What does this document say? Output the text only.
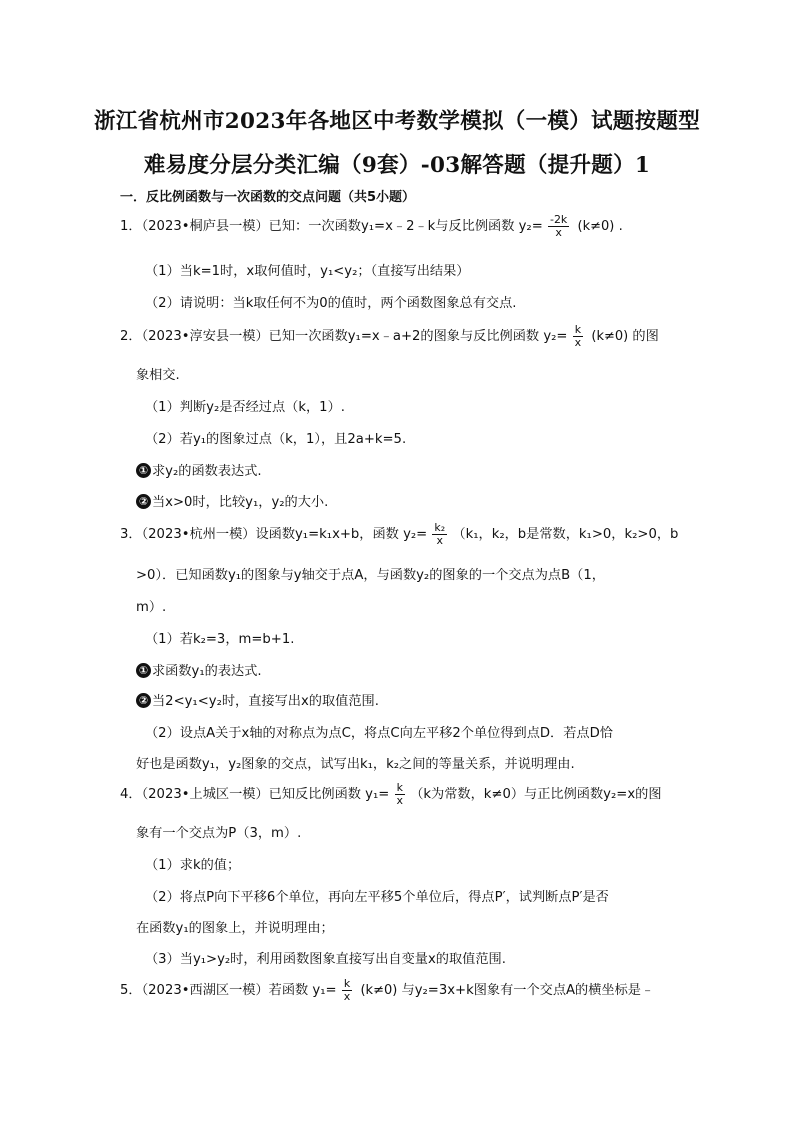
浙江省杭州市2023年各地区中考数学模拟（一模）试题按题型
难易度分层分类汇编（9套）-03解答题（提升题）1
一．反比例函数与一次函数的交点问题（共5小题）
1．（2023•桐庐县一模）已知：一次函数y₁=x﹣2﹣k与反比例函数 $y_2= \frac{-2k}{x} (k\ne 0)$ .
（1）当k=1时，x取何值时，y₁<y₂；（直接写出结果）
（2）请说明：当k取任何不为0的值时，两个函数图象总有交点.
2．（2023•淳安县一模）已知一次函数y₁=x﹣a+2的图象与反比例函数 $y_2= \frac{k}{x} (k\ne 0)$ 的图
象相交.
（1）判断y₂是否经过点（k，1）.
（2）若y₁的图象过点（k，1），且2a+k=5.
① 求y₂的函数表达式.
② 当x>0时，比较y₁，y₂的大小.
3．（2023•杭州一模）设函数y₁=k₁x+b，函数 $y_2= \frac{\text{k₂}}{x} (k_1$，k₂，b是常数，k₁>0，k₂>0，b
>0）．已知函数y₁的图象与y轴交于点A，与函数y₂的图象的一个交点为点B（1，
m）.
（1）若k₂=3，m=b+1.
① 求函数y₁的表达式.
② 当2<y₁<y₂时，直接写出x的取值范围.
（2）设点A关于x轴的对称点为点C，将点C向左平移2个单位得到点D．若点D恰
好也是函数y₁，y₂图象的交点，试写出k₁，k₂之间的等量关系，并说明理由.
4．（2023•上城区一模）已知反比例函数 $y_1= \frac{k}{x} (k$为常数，k≠0）与正比例函数y₂=x的图
象有一个交点为P（3，m）.
（1）求k的值；
（2）将点P向下平移6个单位，再向左平移5个单位后，得点P′，试判断点P′是否
在函数y₁的图象上，并说明理由；
（3）当y₁>y₂时，利用函数图象直接写出自变量x的取值范围.
5．（2023•西湖区一模）若函数 $y_1= \frac{k}{x} (k\ne 0)$ 与y₂=3x+k图象有一个交点A的横坐标是﹣
